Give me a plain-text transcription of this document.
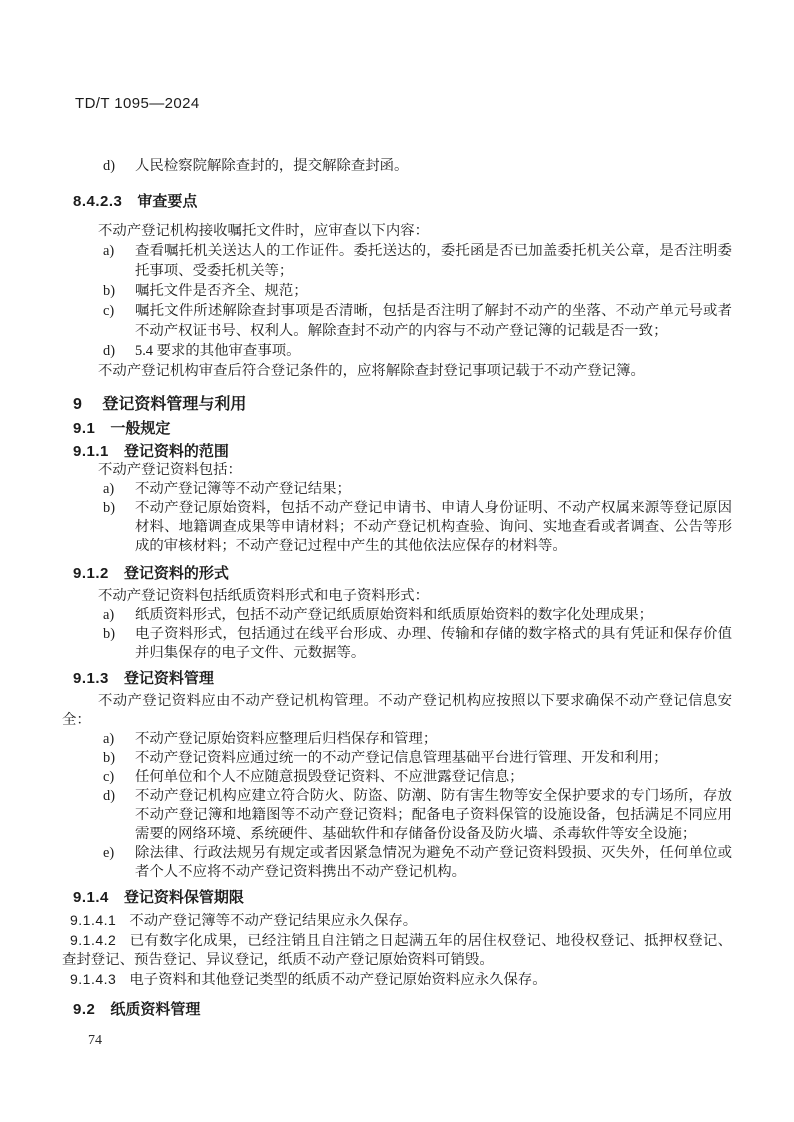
TD/T 1095—2024
d)	人民检察院解除查封的，提交解除查封函。
8.4.2.3 审查要点

不动产登记机构接收嘱托文件时，应审查以下内容：

a)	查看嘱托机关送达人的工作证件。委托送达的，委托函是否已加盖委托机关公章，是否注明委托事项、受委托机关等；
b)	嘱托文件是否齐全、规范；
c)	嘱托文件所述解除查封事项是否清晰，包括是否注明了解封不动产的坐落、不动产单元号或者不动产权证书号、权利人。解除查封不动产的内容与不动产登记簿的记载是否一致；
d)	5.4 要求的其他审查事项。

不动产登记机构审查后符合登记条件的，应将解除查封登记事项记载于不动产登记簿。

9 登记资料管理与利用
9.1 一般规定
9.1.1 登记资料的范围

不动产登记资料包括：

a)	不动产登记簿等不动产登记结果；
b)	不动产登记原始资料，包括不动产登记申请书、申请人身份证明、不动产权属来源等登记原因材料、地籍调查成果等申请材料；不动产登记机构查验、询问、实地查看或者调查、公告等形成的审核材料；不动产登记过程中产生的其他依法应保存的材料等。
9.1.2 登记资料的形式

不动产登记资料包括纸质资料形式和电子资料形式：

a)	纸质资料形式，包括不动产登记纸质原始资料和纸质原始资料的数字化处理成果；
b)	电子资料形式，包括通过在线平台形成、办理、传输和存储的数字格式的具有凭证和保存价值并归集保存的电子文件、元数据等。
9.1.3 登记资料管理

不动产登记资料应由不动产登记机构管理。不动产登记机构应按照以下要求确保不动产登记信息安全：

a)	不动产登记原始资料应整理后归档保存和管理；
b)	不动产登记资料应通过统一的不动产登记信息管理基础平台进行管理、开发和利用；
c)	任何单位和个人不应随意损毁登记资料、不应泄露登记信息；
d)	不动产登记机构应建立符合防火、防盗、防潮、防有害生物等安全保护要求的专门场所，存放不动产登记簿和地籍图等不动产登记资料；配备电子资料保管的设施设备，包括满足不同应用需要的网络环境、系统硬件、基础软件和存储备份设备及防火墙、杀毒软件等安全设施；
e)	除法律、行政法规另有规定或者因紧急情况为避免不动产登记资料毁损、灭失外，任何单位或者个人不应将不动产登记资料携出不动产登记机构。
9.1.4 登记资料保管期限

9.1.4.1 不动产登记簿等不动产登记结果应永久保存。

9.1.4.2 已有数字化成果，已经注销且自注销之日起满五年的居住权登记、地役权登记、抵押权登记、查封登记、预告登记、异议登记，纸质不动产登记原始资料可销毁。

9.1.4.3 电子资料和其他登记类型的纸质不动产登记原始资料应永久保存。

9.2 纸质资料管理
74
